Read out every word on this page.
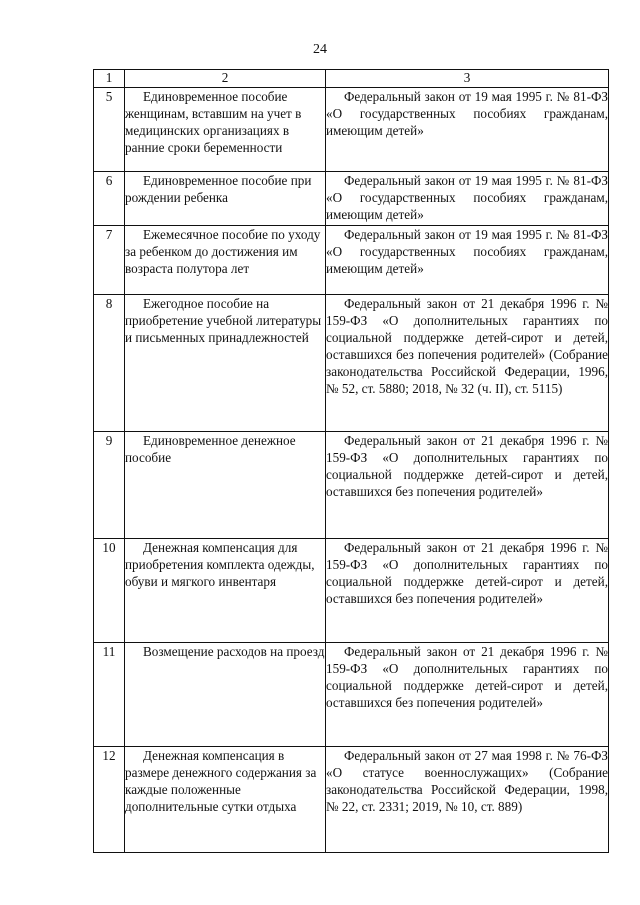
24
1	2	3
5	Единовременное пособие женщинам, вставшим на учет в медицинских организациях в ранние сроки беременности	Федеральный закон от 19 мая 1995 г. № 81-ФЗ «О государственных пособиях гражданам, имеющим детей»

6	Единовременное пособие при рождении ребенка	Федеральный закон от 19 мая 1995 г. № 81-ФЗ «О государственных пособиях гражданам, имеющим детей»

7	Ежемесячное пособие по уходу за ребенком до достижения им возраста полутора лет	Федеральный закон от 19 мая 1995 г. № 81-ФЗ «О государственных пособиях гражданам, имеющим детей»

8	Ежегодное пособие на приобретение учебной литературы и письменных принадлежностей	Федеральный закон от 21 декабря 1996 г. № 159-ФЗ «О дополнительных гарантиях по социальной поддержке детей-сирот и детей, оставшихся без попечения родителей» (Собрание законодательства Российской Федерации, 1996, № 52, ст. 5880; 2018, № 32 (ч. II), ст. 5115)

9	Единовременное денежное пособие	Федеральный закон от 21 декабря 1996 г. № 159-ФЗ «О дополнительных гарантиях по социальной поддержке детей-сирот и детей, оставшихся без попечения родителей»

10	Денежная компенсация для приобретения комплекта одежды, обуви и мягкого инвентаря	Федеральный закон от 21 декабря 1996 г. № 159-ФЗ «О дополнительных гарантиях по социальной поддержке детей-сирот и детей, оставшихся без попечения родителей»

11	Возмещение расходов на проезд	Федеральный закон от 21 декабря 1996 г. № 159-ФЗ «О дополнительных гарантиях по социальной поддержке детей-сирот и детей, оставшихся без попечения родителей»

12	Денежная компенсация в размере денежного содержания за каждые положенные дополнительные сутки отдыха	Федеральный закон от 27 мая 1998 г. № 76-ФЗ «О статусе военнослужащих» (Собрание законодательства Российской Федерации, 1998, № 22, ст. 2331; 2019, № 10, ст. 889)
